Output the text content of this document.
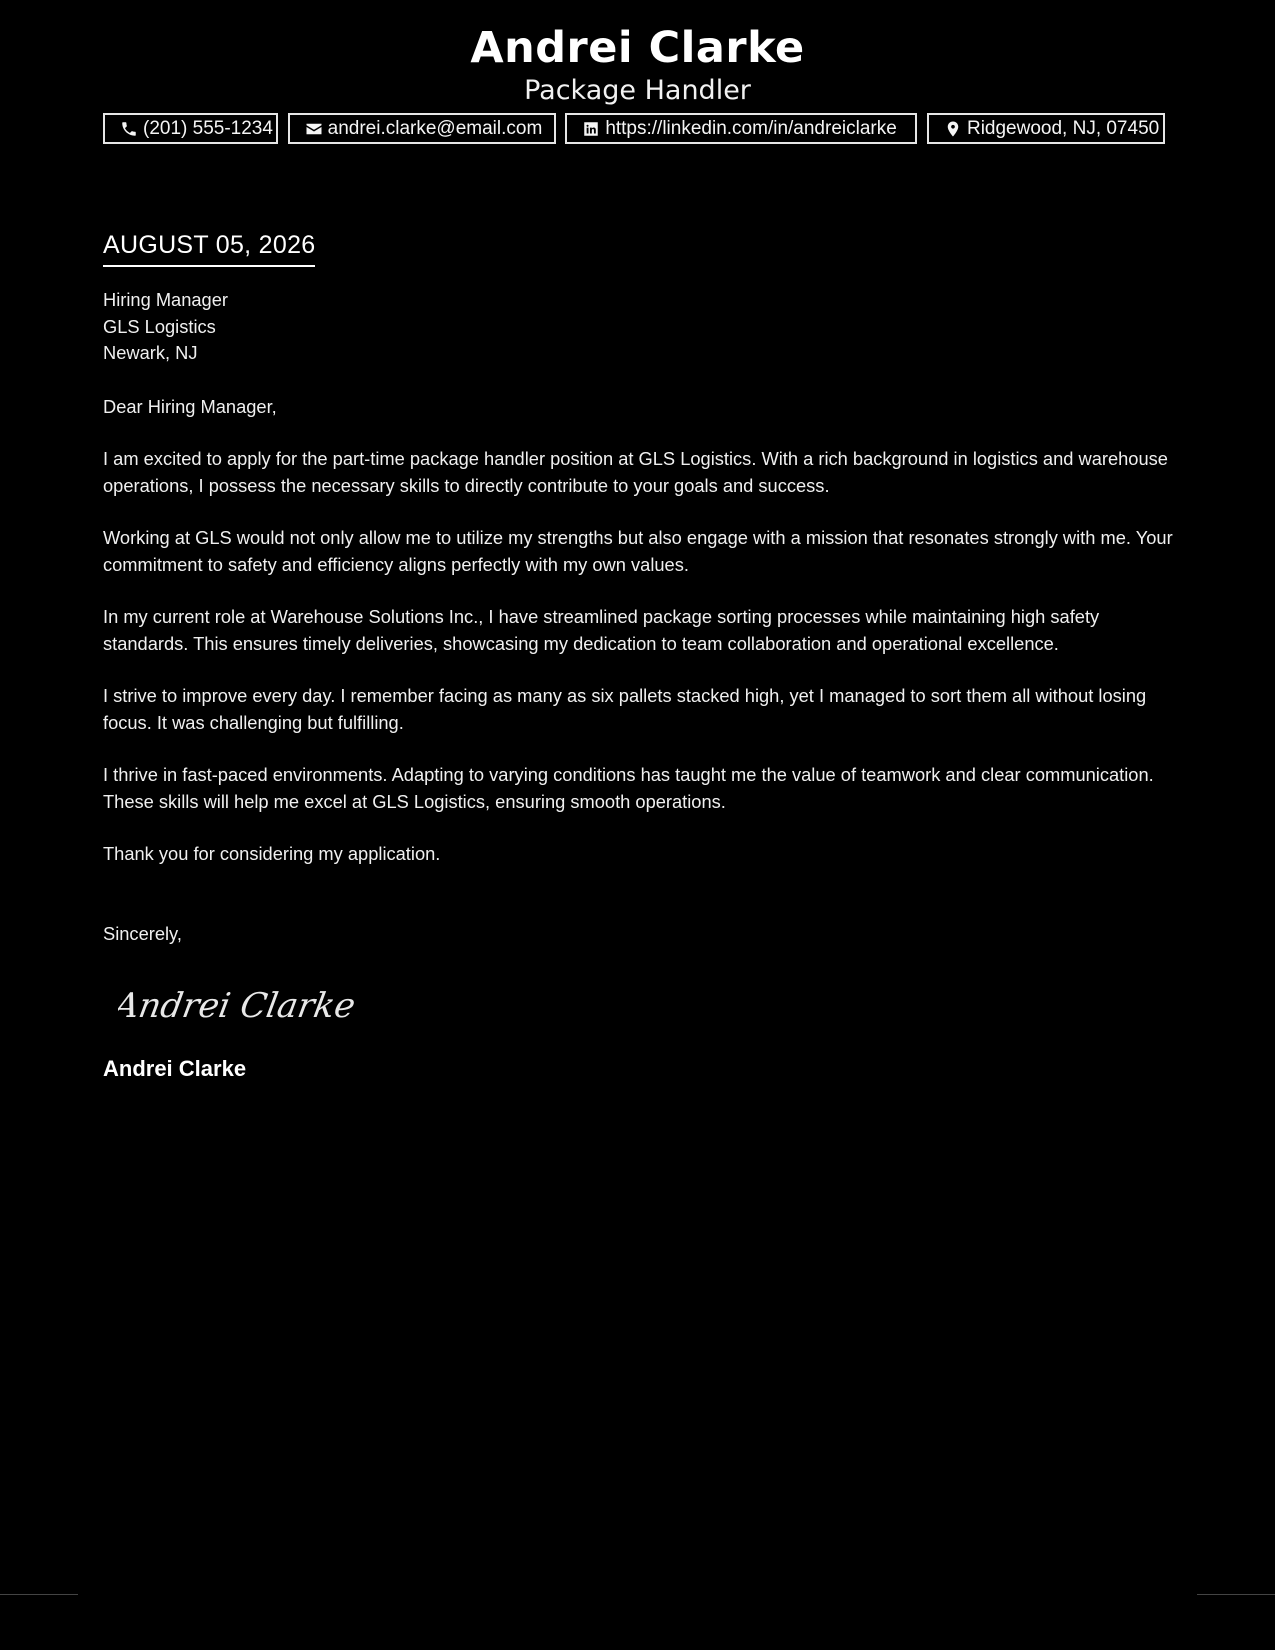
Andrei Clarke
Package Handler
(201) 555-1234	andrei.clarke@email.com	https://linkedin.com/in/andreiclarke	Ridgewood, NJ, 07450
AUGUST 05, 2026
Hiring Manager
GLS Logistics
Newark, NJ
Dear Hiring Manager,

I am excited to apply for the part-time package handler position at GLS Logistics. With a rich background in logistics and warehouse operations, I possess the necessary skills to directly contribute to your goals and success.

Working at GLS would not only allow me to utilize my strengths but also engage with a mission that resonates strongly with me. Your commitment to safety and efficiency aligns perfectly with my own values.

In my current role at Warehouse Solutions Inc., I have streamlined package sorting processes while maintaining high safety standards. This ensures timely deliveries, showcasing my dedication to team collaboration and operational excellence.

I strive to improve every day. I remember facing as many as six pallets stacked high, yet I managed to sort them all without losing focus. It was challenging but fulfilling.

I thrive in fast-paced environments. Adapting to varying conditions has taught me the value of teamwork and clear communication. These skills will help me excel at GLS Logistics, ensuring smooth operations.

Thank you for considering my application.

Sincerely,
Andrei Clarke
Andrei Clarke
